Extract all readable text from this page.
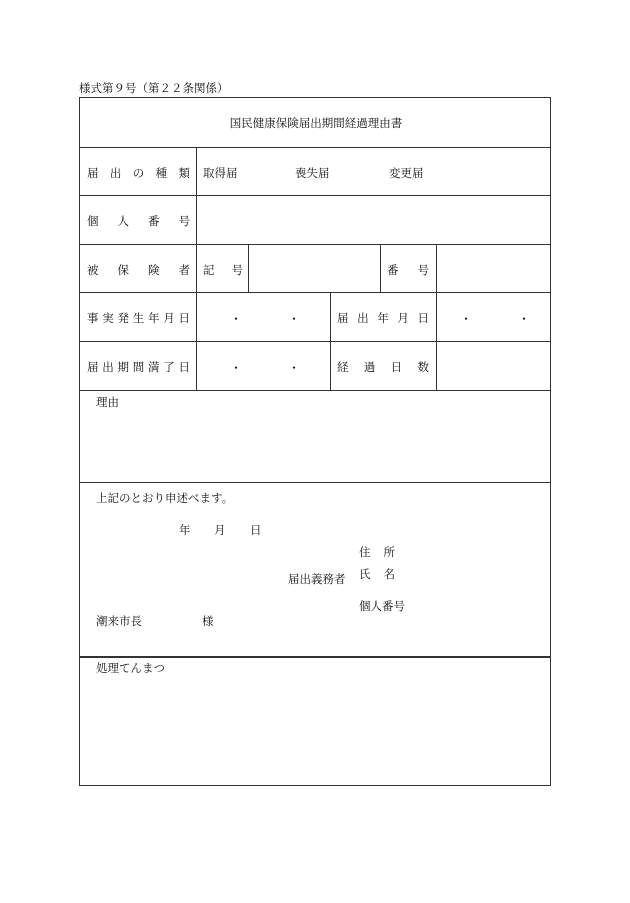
様式第９号（第２２条関係）
国民健康保険届出期間経過理由書
届 出 の 種 類 取得届	喪失届	変更届
個 人 番 号
被 保 険 者 記 号	番 号
事 実 発 生 年 月 日	・	・	届 出 年 月 日	・	・
届 出 期 間 満 了 日	・	・	経 過 日 数
理由
上記のとおり申述べます。
年 月 日
住 所
届出義務者 氏 名
個人番号
潮来市長	様
処理てんまつ
